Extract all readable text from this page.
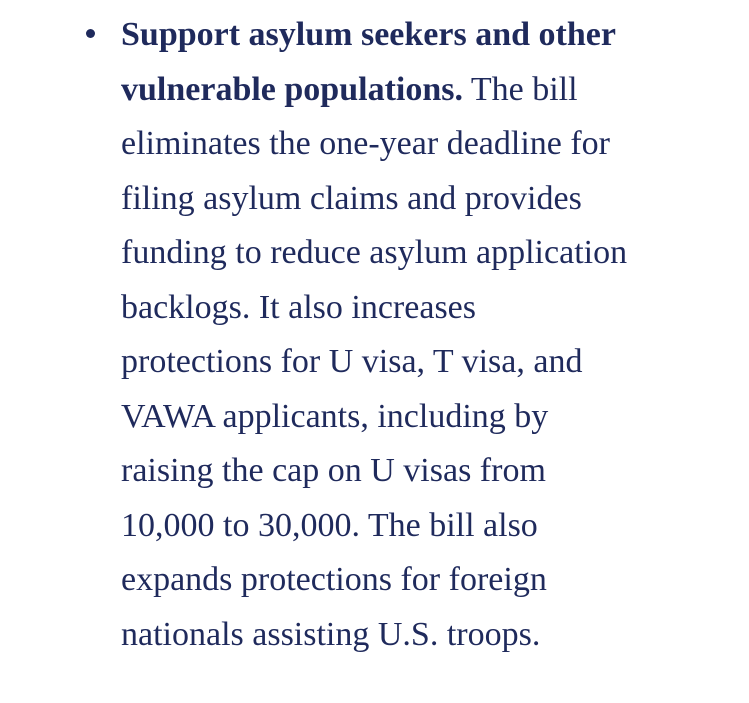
Support asylum seekers and other
vulnerable populations. The bill
eliminates the one-year deadline for
filing asylum claims and provides
funding to reduce asylum application
backlogs. It also increases
protections for U visa, T visa, and
VAWA applicants, including by
raising the cap on U visas from
10,000 to 30,000. The bill also
expands protections for foreign
nationals assisting U.S. troops.
